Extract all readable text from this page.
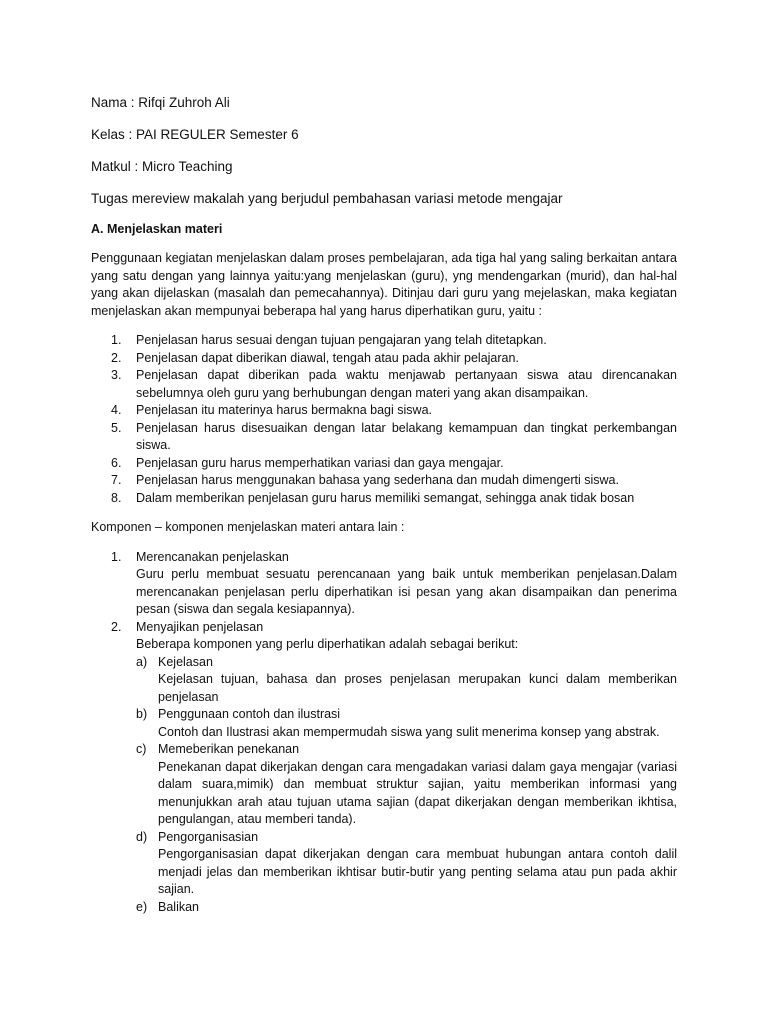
Nama : Rifqi Zuhroh Ali

Kelas : PAI REGULER Semester 6

Matkul : Micro Teaching

Tugas mereview makalah yang berjudul pembahasan variasi metode mengajar

A. Menjelaskan materi

Penggunaan kegiatan menjelaskan dalam proses pembelajaran, ada tiga hal yang saling berkaitan antara yang satu dengan yang lainnya yaitu:yang menjelaskan (guru), yng mendengarkan (murid), dan hal-hal yang akan dijelaskan (masalah dan pemecahannya). Ditinjau dari guru yang mejelaskan, maka kegiatan menjelaskan akan mempunyai beberapa hal yang harus diperhatikan guru, yaitu :

1. Penjelasan harus sesuai dengan tujuan pengajaran yang telah ditetapkan.
2. Penjelasan dapat diberikan diawal, tengah atau pada akhir pelajaran.
3. Penjelasan dapat diberikan pada waktu menjawab pertanyaan siswa atau direncanakan sebelumnya oleh guru yang berhubungan dengan materi yang akan disampaikan.
4. Penjelasan itu materinya harus bermakna bagi siswa.
5. Penjelasan harus disesuaikan dengan latar belakang kemampuan dan tingkat perkembangan siswa.
6. Penjelasan guru harus memperhatikan variasi dan gaya mengajar.
7. Penjelasan harus menggunakan bahasa yang sederhana dan mudah dimengerti siswa.
8. Dalam memberikan penjelasan guru harus memiliki semangat, sehingga anak tidak bosan

Komponen – komponen menjelaskan materi antara lain :

1. Merencanakan penjelaskan
Guru perlu membuat sesuatu perencanaan yang baik untuk memberikan penjelasan.Dalam merencanakan penjelasan perlu diperhatikan isi pesan yang akan disampaikan dan penerima pesan (siswa dan segala kesiapannya).
2. Menyajikan penjelasan
Beberapa komponen yang perlu diperhatikan adalah sebagai berikut:
a) Kejelasan
Kejelasan tujuan, bahasa dan proses penjelasan merupakan kunci dalam memberikan penjelasan
b) Penggunaan contoh dan ilustrasi
Contoh dan Ilustrasi akan mempermudah siswa yang sulit menerima konsep yang abstrak.
c) Memeberikan penekanan
Penekanan dapat dikerjakan dengan cara mengadakan variasi dalam gaya mengajar (variasi dalam suara,mimik) dan membuat struktur sajian, yaitu memberikan informasi yang menunjukkan arah atau tujuan utama sajian (dapat dikerjakan dengan memberikan ikhtisa, pengulangan, atau memberi tanda).
d) Pengorganisasian
Pengorganisasian dapat dikerjakan dengan cara membuat hubungan antara contoh dalil menjadi jelas dan memberikan ikhtisar butir-butir yang penting selama atau pun pada akhir sajian.
e) Balikan
